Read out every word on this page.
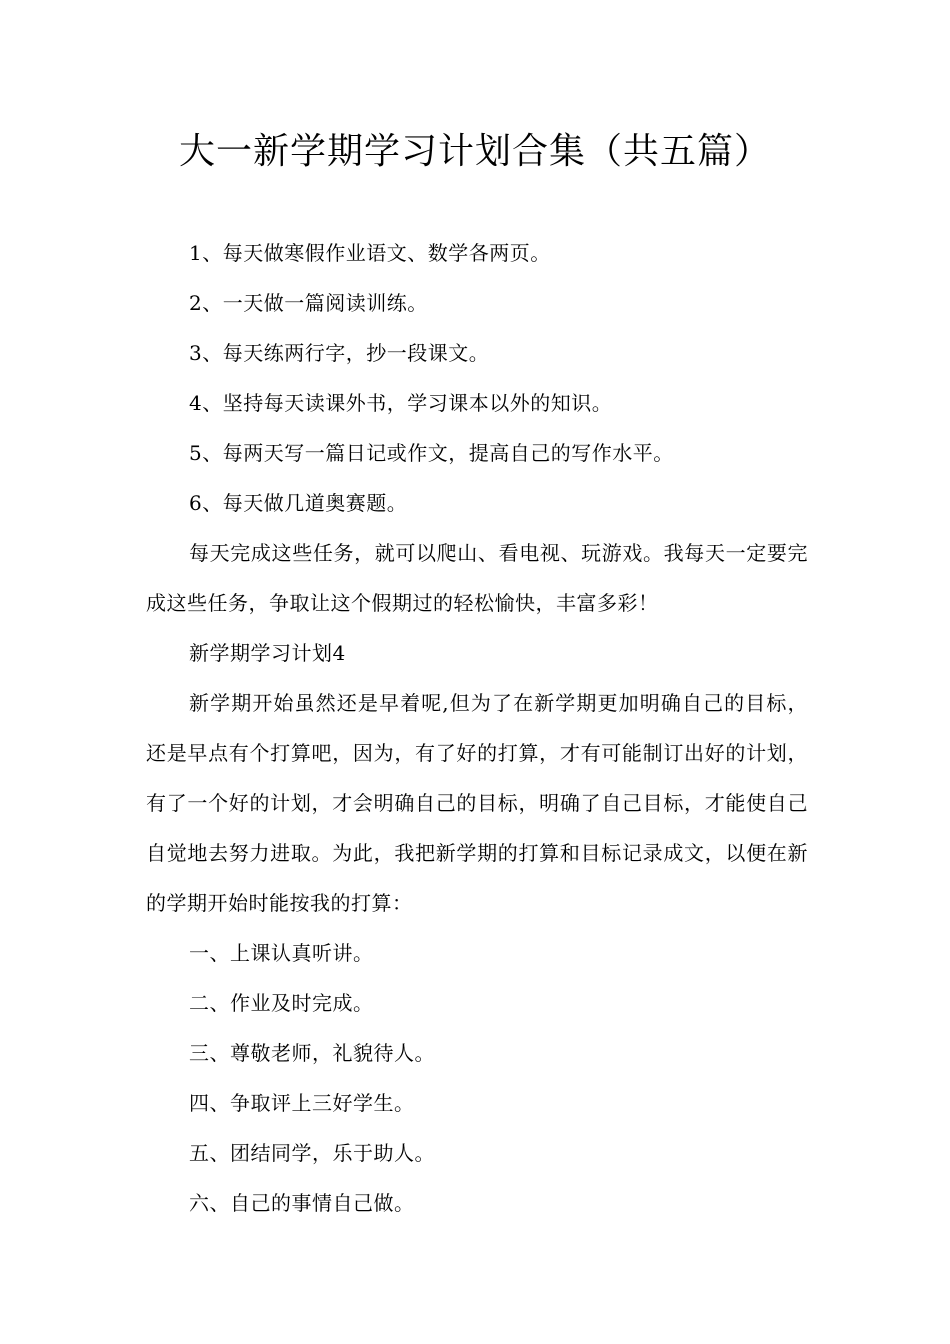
大一新学期学习计划合集（共五篇）

1、每天做寒假作业语文、数学各两页。

2、一天做一篇阅读训练。

3、每天练两行字，抄一段课文。

4、坚持每天读课外书，学习课本以外的知识。

5、每两天写一篇日记或作文，提高自己的写作水平。

6、每天做几道奥赛题。

每天完成这些任务，就可以爬山、看电视、玩游戏。我每天一定要完成这些任务，争取让这个假期过的轻松愉快，丰富多彩！

新学期学习计划4

新学期开始虽然还是早着呢,但为了在新学期更加明确自己的目标，还是早点有个打算吧，因为，有了好的打算，才有可能制订出好的计划，有了一个好的计划，才会明确自己的目标，明确了自己目标，才能使自己自觉地去努力进取。为此，我把新学期的打算和目标记录成文，以便在新的学期开始时能按我的打算：

一、上课认真听讲。

二、作业及时完成。

三、尊敬老师，礼貌待人。

四、争取评上三好学生。

五、团结同学，乐于助人。

六、自己的事情自己做。
